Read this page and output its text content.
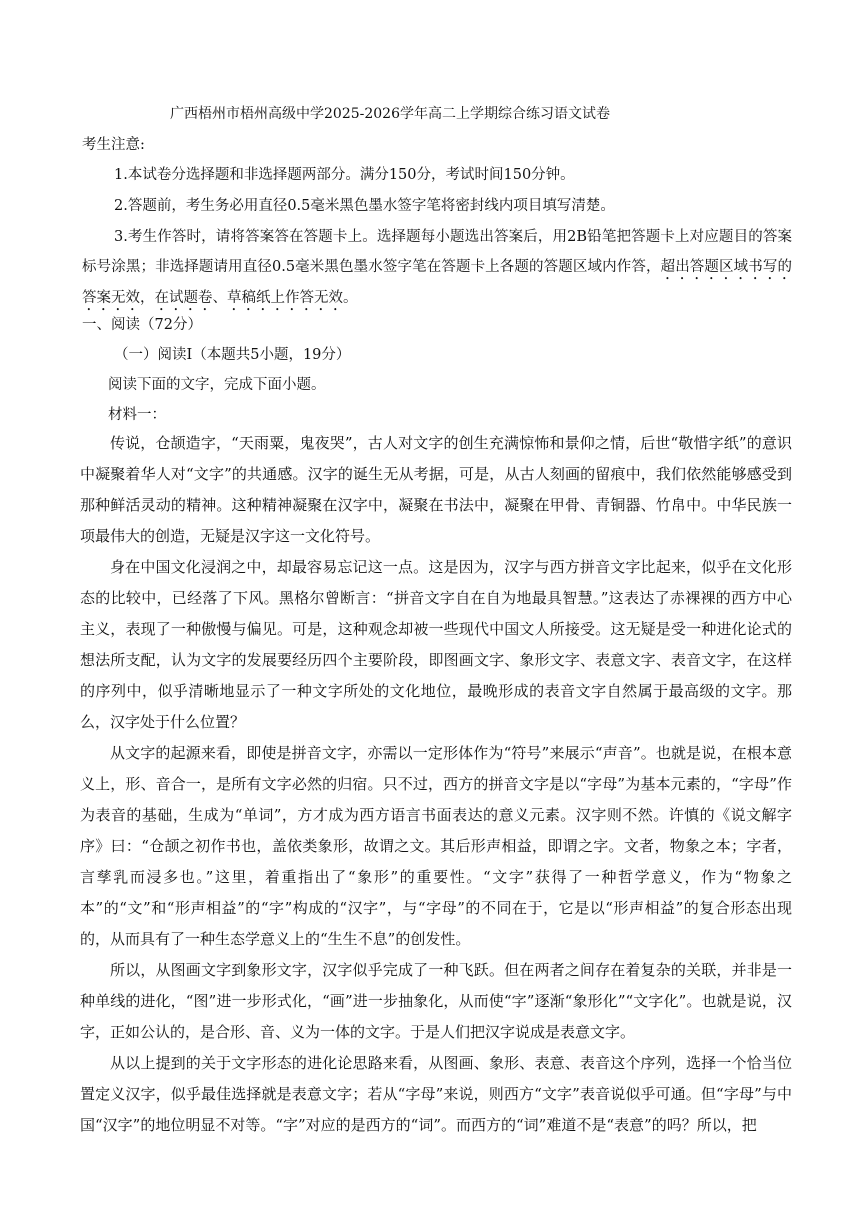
广西梧州市梧州高级中学2025-2026学年高二上学期综合练习语文试卷
考生注意:
1.本试卷分选择题和非选择题两部分。满分150分，考试时间150分钟。
2.答题前，考生务必用直径0.5毫米黑色墨水签字笔将密封线内项目填写清楚。
3.考生作答时，请将答案答在答题卡上。选择题每小题选出答案后，用2B铅笔把答题卡上对应题目的答案标号涂黑；非选择题请用直径0.5毫米黑色墨水签字笔在答题卡上各题的答题区域内作答，超出答题区域书写的答案无效，在试题卷、草稿纸上作答无效。
一、阅读（72分）
（一）阅读I（本题共5小题，19分）
阅读下面的文字，完成下面小题。
材料一：

传说，仓颉造字，“天雨粟，鬼夜哭”，古人对文字的创生充满惊怖和景仰之情，后世“敬惜字纸”的意识中凝聚着华人对“文字”的共通感。汉字的诞生无从考据，可是，从古人刻画的留痕中，我们依然能够感受到那种鲜活灵动的精神。这种精神凝聚在汉字中，凝聚在书法中，凝聚在甲骨、青铜器、竹帛中。中华民族一项最伟大的创造，无疑是汉字这一文化符号。

身在中国文化浸润之中，却最容易忘记这一点。这是因为，汉字与西方拼音文字比起来，似乎在文化形态的比较中，已经落了下风。黑格尔曾断言：“拼音文字自在自为地最具智慧。”这表达了赤裸裸的西方中心主义，表现了一种傲慢与偏见。可是，这种观念却被一些现代中国文人所接受。这无疑是受一种进化论式的想法所支配，认为文字的发展要经历四个主要阶段，即图画文字、象形文字、表意文字、表音文字，在这样的序列中，似乎清晰地显示了一种文字所处的文化地位，最晚形成的表音文字自然属于最高级的文字。那么，汉字处于什么位置？

从文字的起源来看，即使是拼音文字，亦需以一定形体作为“符号”来展示“声音”。也就是说，在根本意义上，形、音合一，是所有文字必然的归宿。只不过，西方的拼音文字是以“字母”为基本元素的，“字母”作为表音的基础，生成为“单词”，方才成为西方语言书面表达的意义元素。汉字则不然。许慎的《说文解字序》曰：“仓颉之初作书也，盖依类象形，故谓之文。其后形声相益，即谓之字。文者，物象之本；字者，言孳乳而浸多也。”这里，着重指出了“象形”的重要性。“文字”获得了一种哲学意义，作为“物象之本”的“文”和“形声相益”的“字”构成的“汉字”，与“字母”的不同在于，它是以“形声相益”的复合形态出现的，从而具有了一种生态学意义上的“生生不息”的创发性。

所以，从图画文字到象形文字，汉字似乎完成了一种飞跃。但在两者之间存在着复杂的关联，并非是一种单线的进化，“图”进一步形式化，“画”进一步抽象化，从而使“字”逐渐“象形化”“文字化”。也就是说，汉字，正如公认的，是合形、音、义为一体的文字。于是人们把汉字说成是表意文字。

从以上提到的关于文字形态的进化论思路来看，从图画、象形、表意、表音这个序列，选择一个恰当位置定义汉字，似乎最佳选择就是表意文字；若从“字母”来说，则西方“文字”表音说似乎可通。但“字母”与中国“汉字”的地位明显不对等。“字”对应的是西方的“词”。而西方的“词”难道不是“表意”的吗？所以，把
